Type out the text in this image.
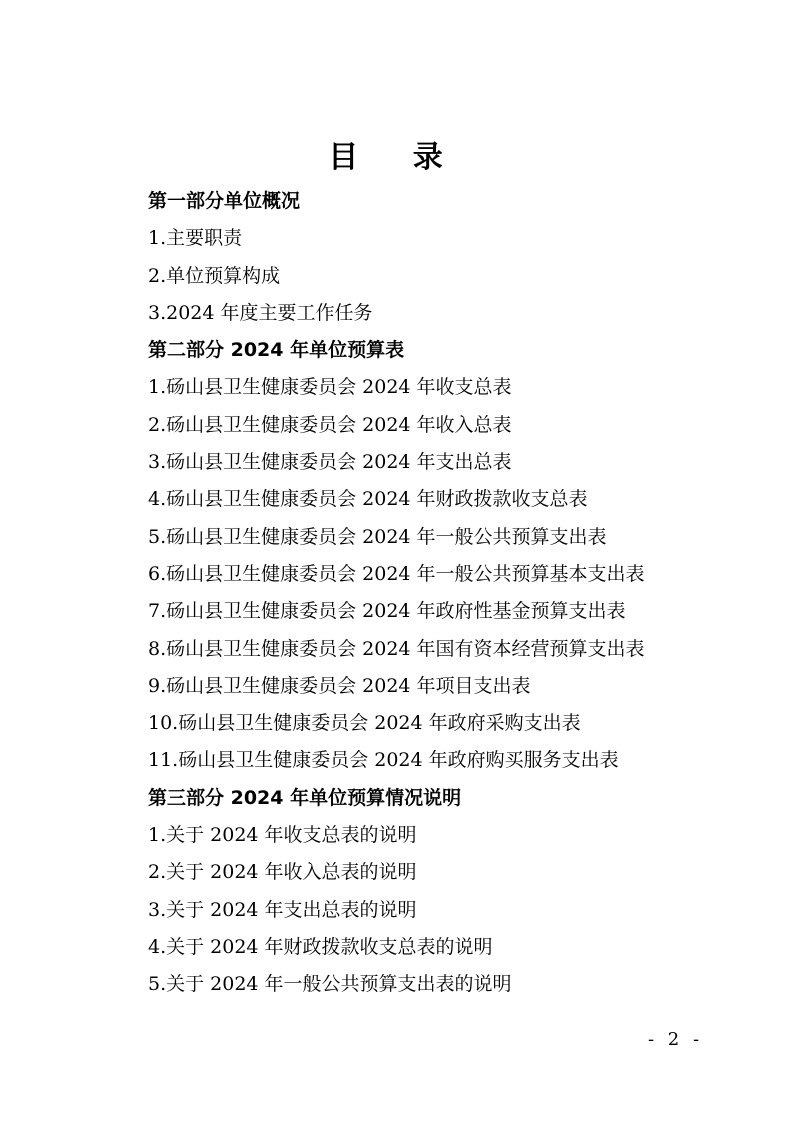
目 录
第一部分单位概况
1.主要职责
2.单位预算构成
3.2024 年度主要工作任务
第二部分 2024 年单位预算表
1.砀山县卫生健康委员会 2024 年收支总表
2.砀山县卫生健康委员会 2024 年收入总表
3.砀山县卫生健康委员会 2024 年支出总表
4.砀山县卫生健康委员会 2024 年财政拨款收支总表
5.砀山县卫生健康委员会 2024 年一般公共预算支出表
6.砀山县卫生健康委员会 2024 年一般公共预算基本支出表
7.砀山县卫生健康委员会 2024 年政府性基金预算支出表
8.砀山县卫生健康委员会 2024 年国有资本经营预算支出表
9.砀山县卫生健康委员会 2024 年项目支出表
10.砀山县卫生健康委员会 2024 年政府采购支出表
11.砀山县卫生健康委员会 2024 年政府购买服务支出表
第三部分 2024 年单位预算情况说明
1.关于 2024 年收支总表的说明
2.关于 2024 年收入总表的说明
3.关于 2024 年支出总表的说明
4.关于 2024 年财政拨款收支总表的说明
5.关于 2024 年一般公共预算支出表的说明
- 2 -
